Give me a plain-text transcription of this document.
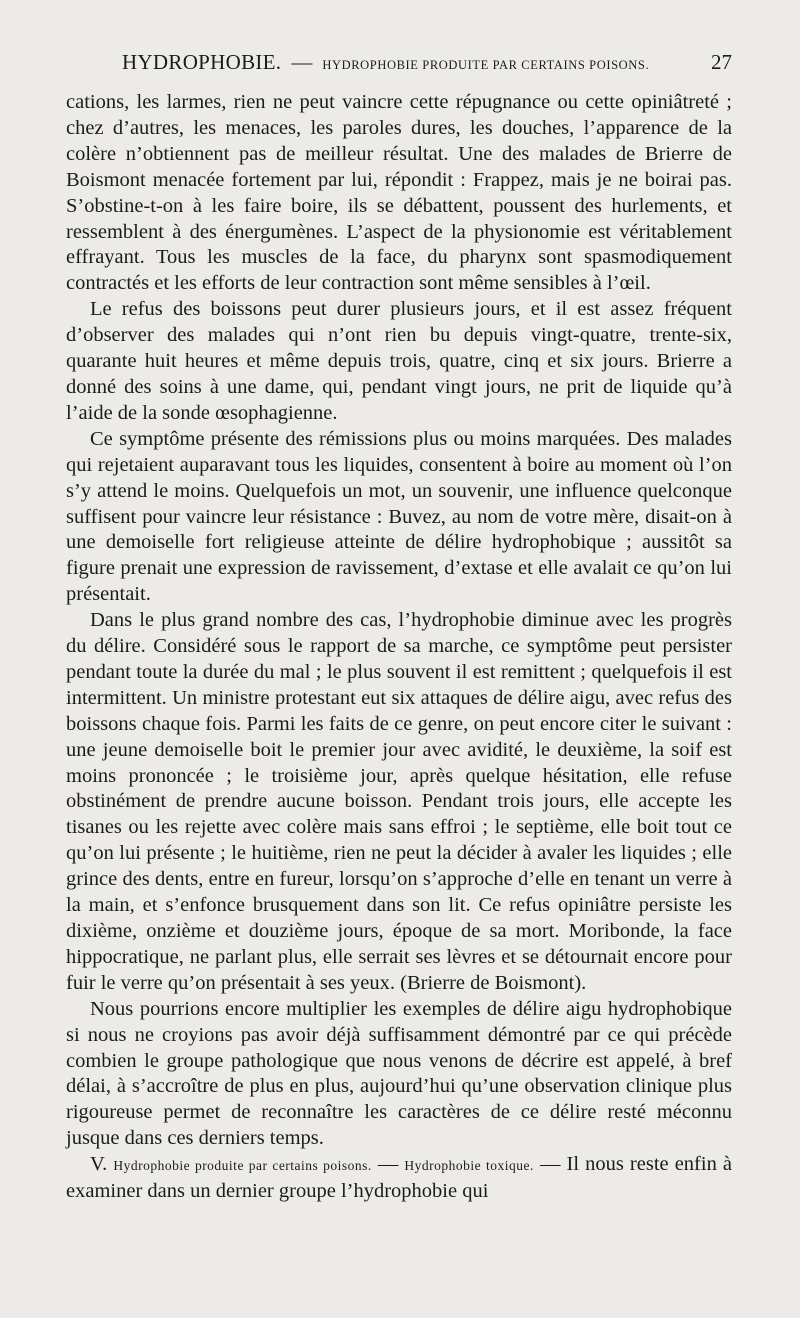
HYDROPHOBIE. — HYDROPHOBIE PRODUITE PAR CERTAINS POISONS.	27

cations, les larmes, rien ne peut vaincre cette répugnance ou cette opiniâtreté ; chez d’autres, les menaces, les paroles dures, les douches, l’apparence de la colère n’obtiennent pas de meilleur résultat. Une des malades de Brierre de Boismont menacée fortement par lui, répondit : Frappez, mais je ne boirai pas. S’obstine-t-on à les faire boire, ils se débattent, poussent des hurlements, et ressemblent à des énergumènes. L’aspect de la physionomie est véritablement effrayant. Tous les muscles de la face, du pharynx sont spasmodiquement contractés et les efforts de leur contraction sont même sensibles à l’œil.

Le refus des boissons peut durer plusieurs jours, et il est assez fréquent d’observer des malades qui n’ont rien bu depuis vingt-quatre, trente-six, quarante huit heures et même depuis trois, quatre, cinq et six jours. Brierre a donné des soins à une dame, qui, pendant vingt jours, ne prit de liquide qu’à l’aide de la sonde œsophagienne.

Ce symptôme présente des rémissions plus ou moins marquées. Des malades qui rejetaient auparavant tous les liquides, consentent à boire au moment où l’on s’y attend le moins. Quelquefois un mot, un souvenir, une influence quelconque suffisent pour vaincre leur résistance : Buvez, au nom de votre mère, disait-on à une demoiselle fort religieuse atteinte de délire hydrophobique ; aussitôt sa figure prenait une expression de ravissement, d’extase et elle avalait ce qu’on lui présentait.

Dans le plus grand nombre des cas, l’hydrophobie diminue avec les progrès du délire. Considéré sous le rapport de sa marche, ce symptôme peut persister pendant toute la durée du mal ; le plus souvent il est remittent ; quelquefois il est intermittent. Un ministre protestant eut six attaques de délire aigu, avec refus des boissons chaque fois. Parmi les faits de ce genre, on peut encore citer le suivant : une jeune demoiselle boit le premier jour avec avidité, le deuxième, la soif est moins prononcée ; le troisième jour, après quelque hésitation, elle refuse obstinément de prendre aucune boisson. Pendant trois jours, elle accepte les tisanes ou les rejette avec colère mais sans effroi ; le septième, elle boit tout ce qu’on lui présente ; le huitième, rien ne peut la décider à avaler les liquides ; elle grince des dents, entre en fureur, lorsqu’on s’approche d’elle en tenant un verre à la main, et s’enfonce brusquement dans son lit. Ce refus opiniâtre persiste les dixième, onzième et douzième jours, époque de sa mort. Moribonde, la face hippocratique, ne parlant plus, elle serrait ses lèvres et se détournait encore pour fuir le verre qu’on présentait à ses yeux. (Brierre de Boismont).

Nous pourrions encore multiplier les exemples de délire aigu hydrophobique si nous ne croyions pas avoir déjà suffisamment démontré par ce qui précède combien le groupe pathologique que nous venons de décrire est appelé, à bref délai, à s’accroître de plus en plus, aujourd’hui qu’une observation clinique plus rigoureuse permet de reconnaître les caractères de ce délire resté méconnu jusque dans ces derniers temps.

V. Hydrophobie produite par certains poisons. — Hydrophobie toxique. — Il nous reste enfin à examiner dans un dernier groupe l’hydrophobie qui
